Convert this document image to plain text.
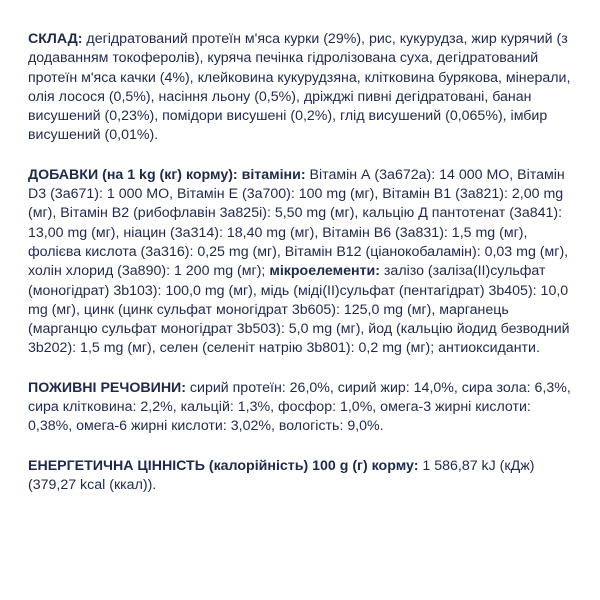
СКЛАД: дегідратований протеїн м'яса курки (29%), рис, кукурудза, жир курячий (з додаванням токоферолів), куряча печінка гідролізована суха, дегідратований протеїн м'яса качки (4%), клейковина кукурудзяна, клітковина бурякова, мінерали, олія лосося (0,5%), насіння льону (0,5%), дріжджі пивні дегідратовані, банан висушений (0,23%), помідори висушені (0,2%), глід висушений (0,065%), імбир висушений (0,01%).

ДОБАВКИ (на 1 kg (кг) корму): вітаміни: Вітамін А (3а672а): 14 000 МО, Вітамін D3 (3а671): 1 000 МО, Вітамін Е (3а700): 100 mg (мг), Вітамін В1 (3а821): 2,00 mg (мг), Вітамін В2 (рибофлавін 3а825і): 5,50 mg (мг), кальцію Д пантотенат (3а841): 13,00 mg (мг), ніацин (3а314): 18,40 mg (мг), Вітамін В6 (3а831): 1,5 mg (мг), фолієва кислота (3а316): 0,25 mg (мг), Вітамін В12 (ціанокобаламін): 0,03 mg (мг), холін хлорид (3а890): 1 200 mg (мг); мікроелементи: залізо (заліза(ІІ)сульфат (моногідрат) 3b103): 100,0 mg (мг), мідь (міді(ІІ)сульфат (пентагідрат) 3b405): 10,0 mg (мг), цинк (цинк сульфат моногідрат 3b605): 125,0 mg (мг), марганець (марганцю сульфат моногідрат 3b503): 5,0 mg (мг), йод (кальцію йодид безводний 3b202): 1,5 mg (мг), селен (селеніт натрію 3b801): 0,2 mg (мг); антиоксиданти.

ПОЖИВНІ РЕЧОВИНИ: сирий протеїн: 26,0%, сирий жир: 14,0%, сира зола: 6,3%, сира клітковина: 2,2%, кальцій: 1,3%, фосфор: 1,0%, омега-3 жирні кислоти: 0,38%, омега-6 жирні кислоти: 3,02%, вологість: 9,0%.

ЕНЕРГЕТИЧНА ЦІННІСТЬ (калорійність) 100 g (г) корму: 1 586,87 kJ (кДж) (379,27 kcal (ккал)).
